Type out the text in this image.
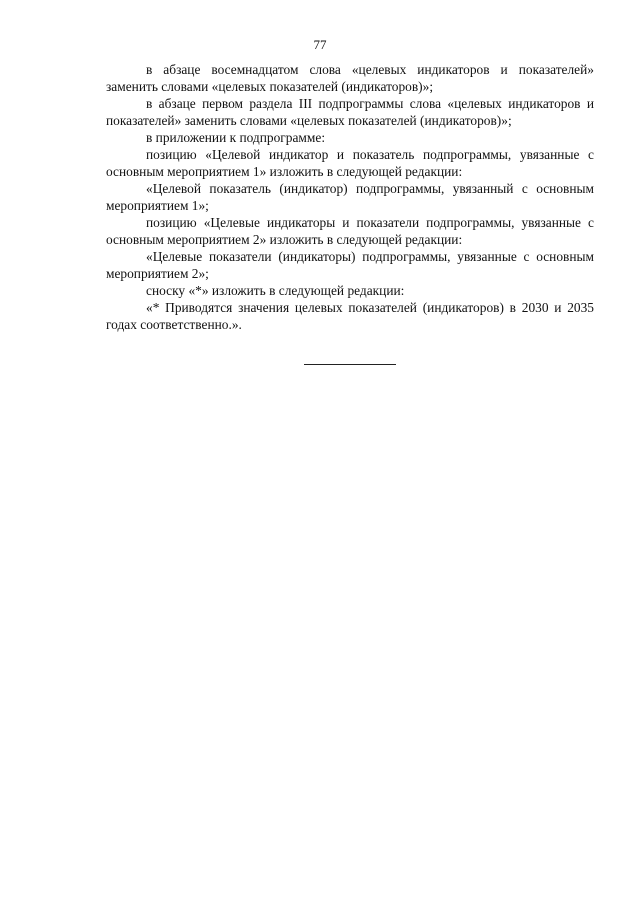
77

в абзаце восемнадцатом слова «целевых индикаторов и показателей» заменить словами «целевых показателей (индикаторов)»;

в абзаце первом раздела III подпрограммы слова «целевых индикаторов и показателей» заменить словами «целевых показателей (индикаторов)»;

в приложении к подпрограмме:

позицию «Целевой индикатор и показатель подпрограммы, увязанные с основным мероприятием 1» изложить в следующей редакции:

«Целевой показатель (индикатор) подпрограммы, увязанный с основным мероприятием 1»;

позицию «Целевые индикаторы и показатели подпрограммы, увязанные с основным мероприятием 2» изложить в следующей редакции:

«Целевые показатели (индикаторы) подпрограммы, увязанные с основным мероприятием 2»;

сноску «*» изложить в следующей редакции:

«* Приводятся значения целевых показателей (индикаторов) в 2030 и 2035 годах соответственно.».
